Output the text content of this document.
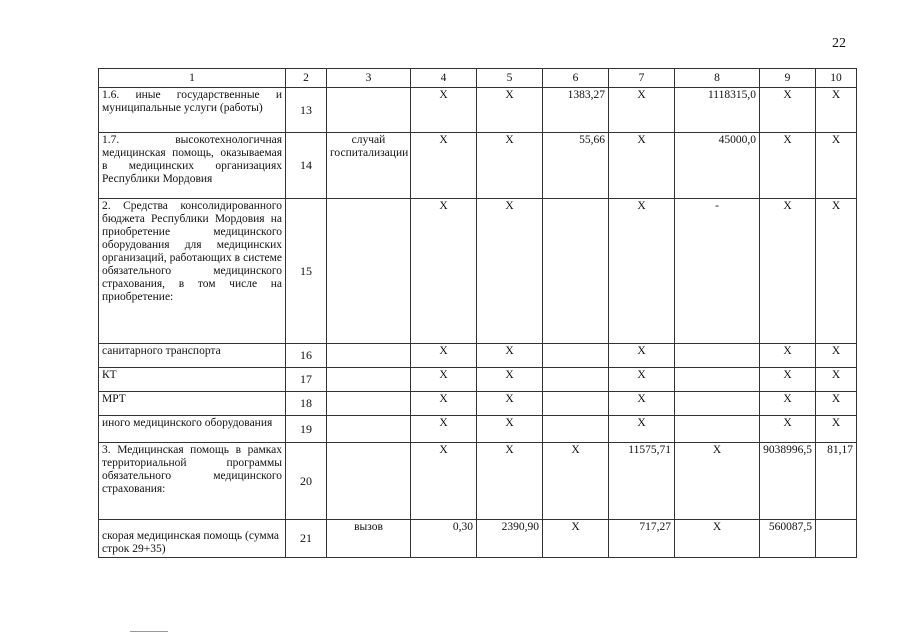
22
1	2	3	4	5	6	7	8	9	10
1.6. иные государственные и муниципальные услуги (работы)	13		X	X	1383,27	X	1118315,0	X	X
1.7. высокотехнологичная медицинская помощь, оказываемая в медицинских организациях Республики Мордовия	14	случай госпитализации	X	X	55,66	X	45000,0	X	X
2. Средства консолидированного бюджета Республики Мордовия на приобретение медицинского оборудования для медицинских организаций, работающих в системе обязательного медицинского страхования, в том числе на приобретение:	15		X	X		X	-	X	X
санитарного транспорта	16		X	X		X		X	X
КТ	17		X	X		X		X	X
МРТ	18		X	X		X		X	X
иного медицинского оборудования	19		X	X		X		X	X
3. Медицинская помощь в рамках территориальной программы обязательного медицинского страхования:	20		X	X	X	11575,71	X	9038996,5	81,17
скорая медицинская помощь (сумма строк 29+35)	21	вызов	0,30	2390,90	X	717,27	X	560087,5	
